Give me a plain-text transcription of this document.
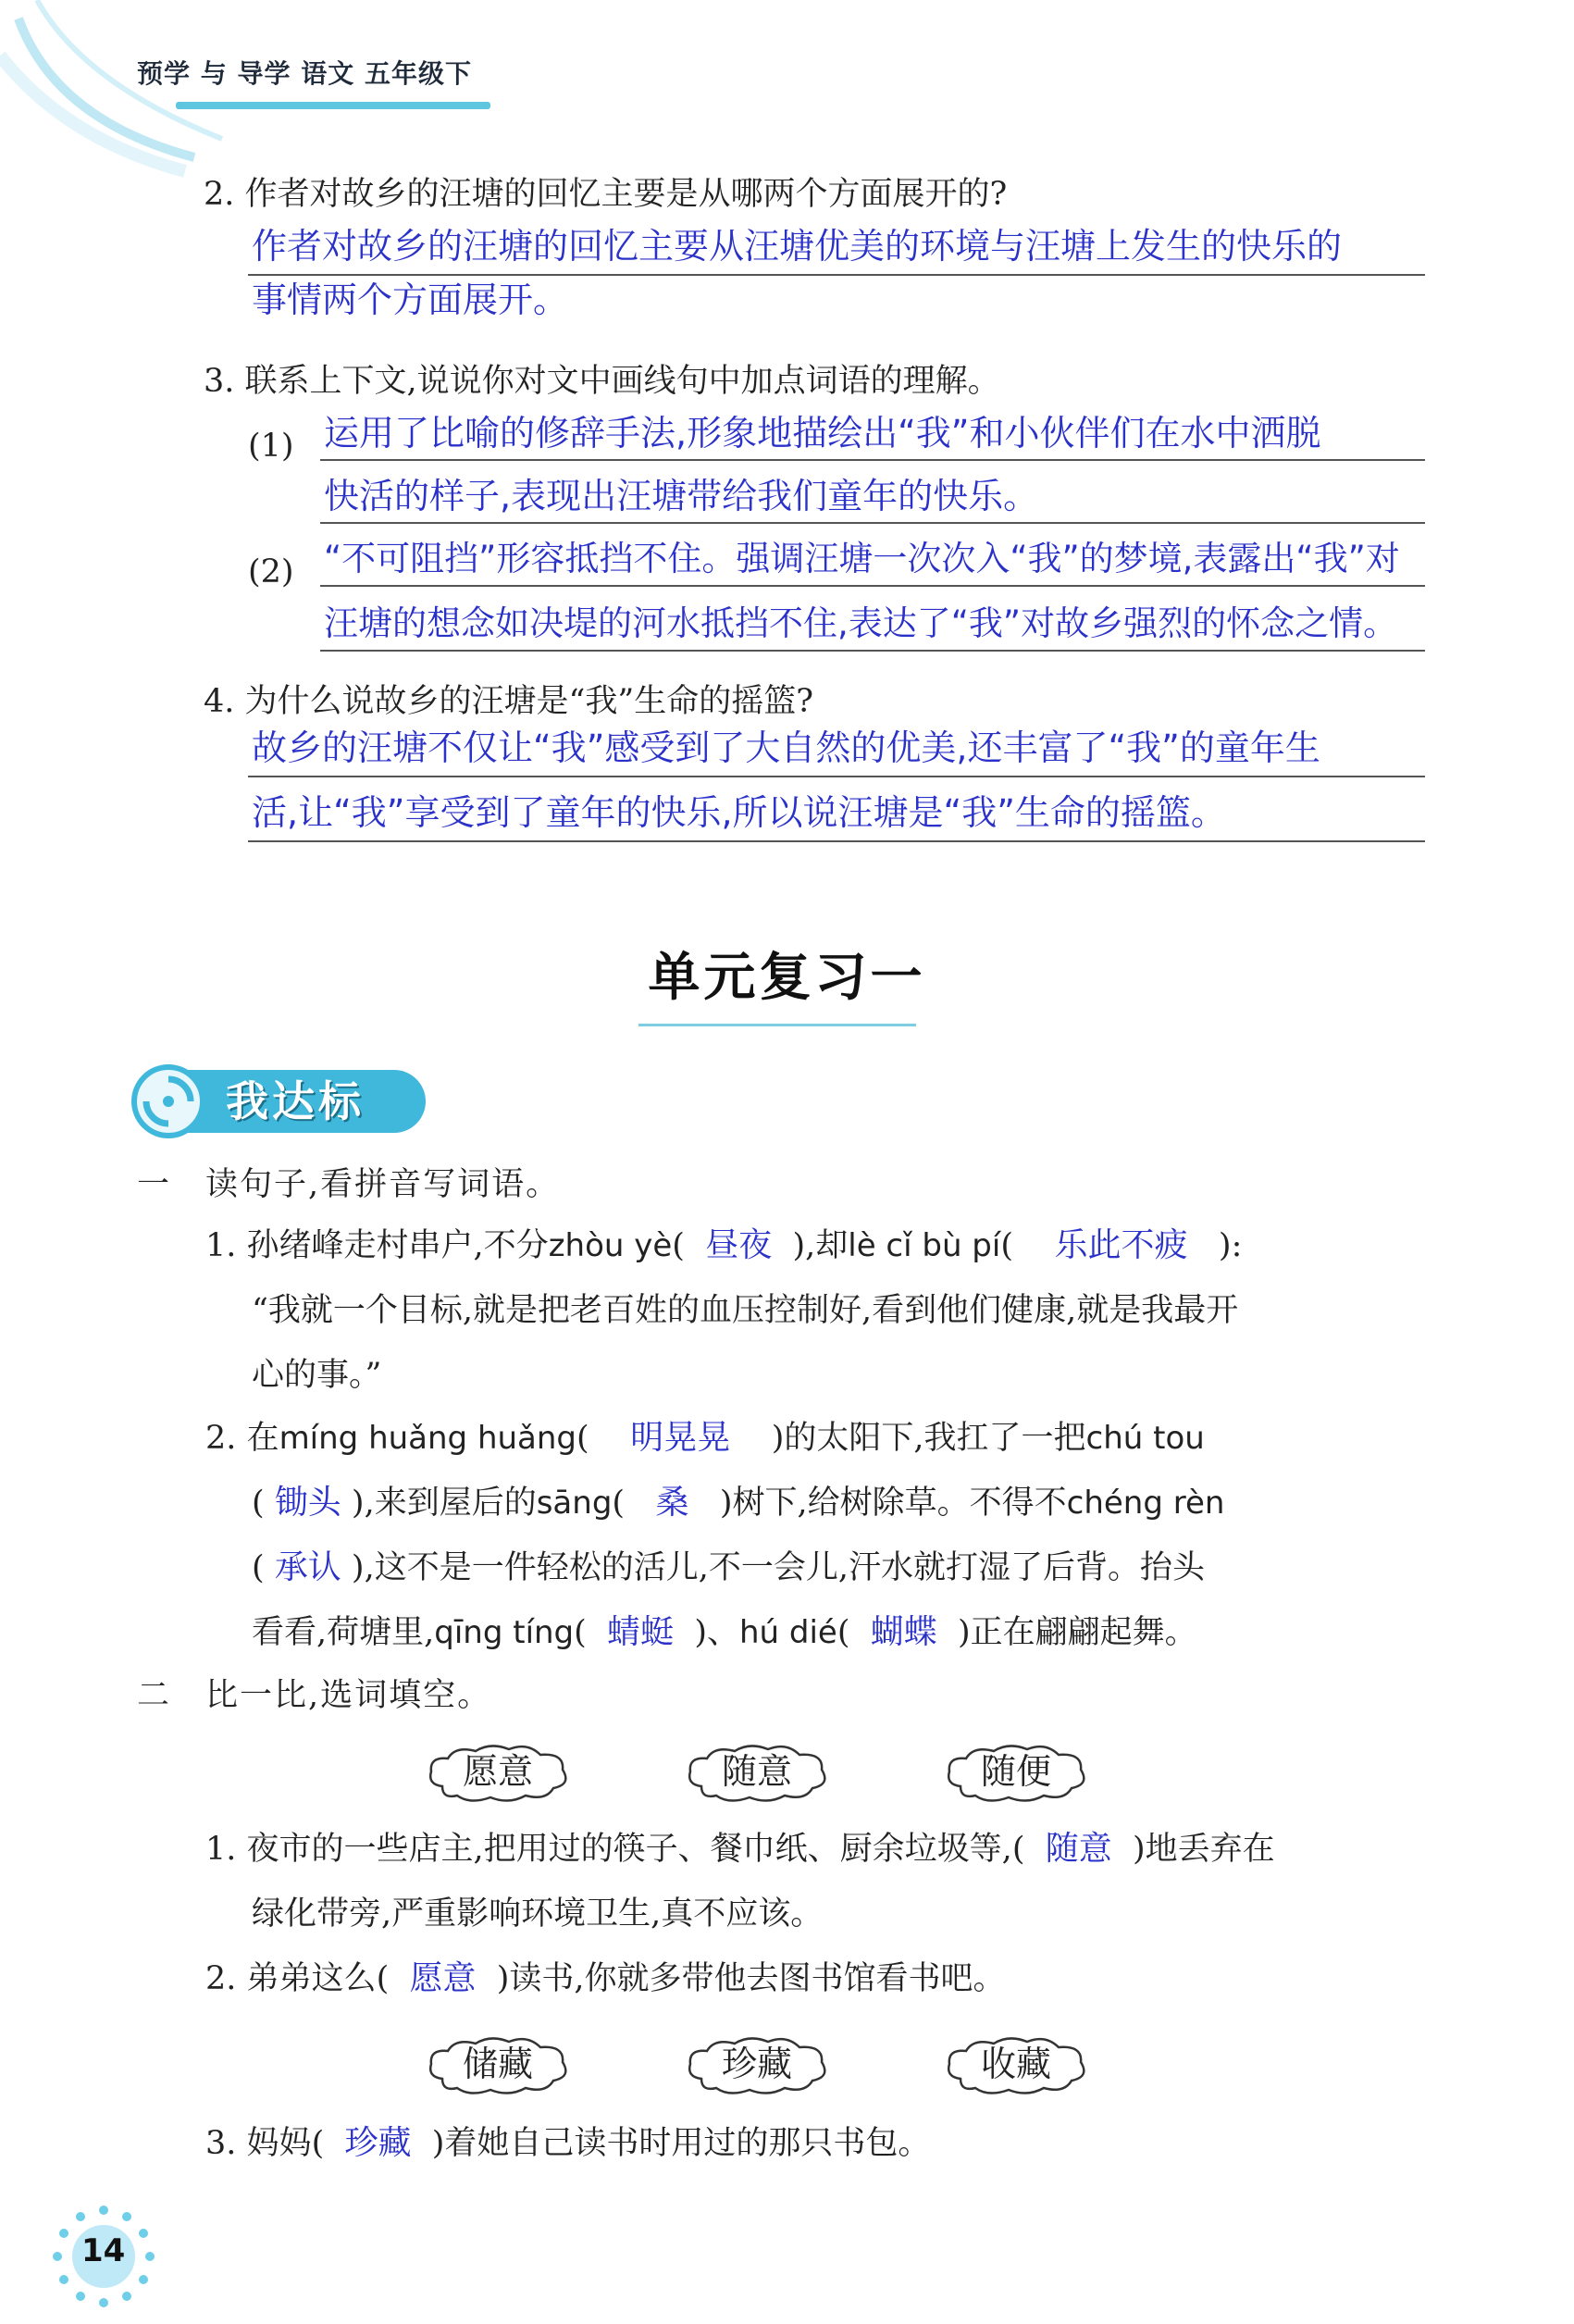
预学 与 导学 语文 五年级下
2. 作者对故乡的汪塘的回忆主要是从哪两个方面展开的?
作者对故乡的汪塘的回忆主要从汪塘优美的环境与汪塘上发生的快乐的
事情两个方面展开。
3. 联系上下文,说说你对文中画线句中加点词语的理解。
(1) 运用了比喻的修辞手法,形象地描绘出“我”和小伙伴们在水中洒脱
快活的样子,表现出汪塘带给我们童年的快乐。
(2) “不可阻挡”形容抵挡不住。强调汪塘一次次入“我”的梦境,表露出“我”对
汪塘的想念如决堤的河水抵挡不住,表达了“我”对故乡强烈的怀念之情。
4. 为什么说故乡的汪塘是“我”生命的摇篮?
故乡的汪塘不仅让“我”感受到了大自然的优美,还丰富了“我”的童年生
活,让“我”享受到了童年的快乐,所以说汪塘是“我”生命的摇篮。
单元复习一
我达标
一 读句子,看拼音写词语。
1. 孙绪峰走村串户,不分zhòu yè(  昼夜  ),却lè cǐ bù pí(    乐此不疲   ):
“我就一个目标,就是把老百姓的血压控制好,看到他们健康,就是我最开
心的事。”
2. 在míng huǎng huǎng(    明晃晃    )的太阳下,我扛了一把chú tou
( 锄头 ),来到屋后的sāng(   桑   )树下,给树除草。不得不chéng rèn
( 承认 ),这不是一件轻松的活儿,不一会儿,汗水就打湿了后背。抬头
看看,荷塘里,qīng tíng(  蜻蜓  )、hú dié(  蝴蝶  )正在翩翩起舞。
二 比一比,选词填空。
愿意	随意	随便
1. 夜市的一些店主,把用过的筷子、餐巾纸、厨余垃圾等,(  随意  )地丢弃在
绿化带旁,严重影响环境卫生,真不应该。
2. 弟弟这么(  愿意  )读书,你就多带他去图书馆看书吧。
储藏	珍藏	收藏
3. 妈妈(  珍藏  )着她自己读书时用过的那只书包。
14
